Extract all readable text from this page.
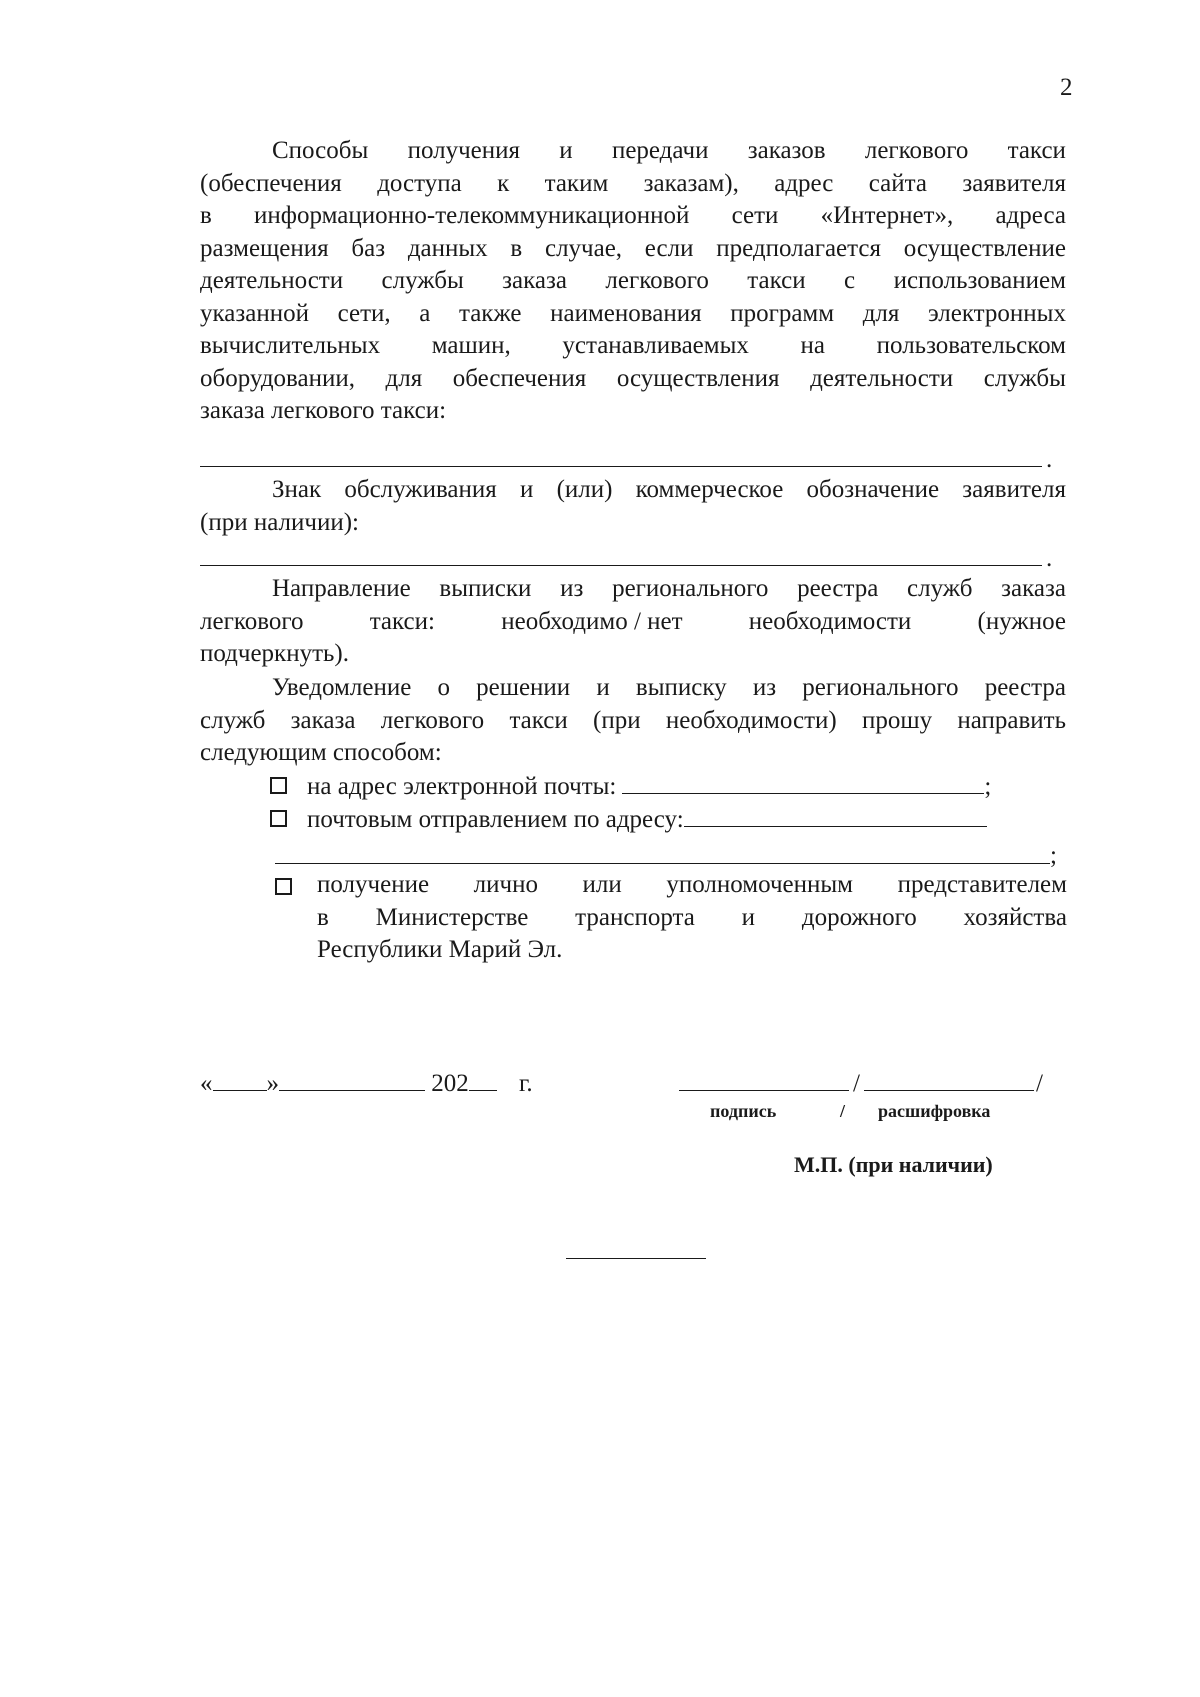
2
Способы получения и передачи заказов легкового такси
(обеспечения доступа к таким заказам), адрес сайта заявителя
в информационно-телекоммуникационной сети «Интернет», адреса
размещения баз данных в случае, если предполагается осуществление
деятельности службы заказа легкового такси с использованием
указанной сети, а также наименования программ для электронных
вычислительных машин, устанавливаемых на пользовательском
оборудовании, для обеспечения осуществления деятельности службы
заказа легкового такси:
.
Знак обслуживания и (или) коммерческое обозначение заявителя
(при наличии):
.
Направление выписки из регионального реестра служб заказа
легкового	такси:	необходимо / нет	необходимости	(нужное
подчеркнуть).
Уведомление о решении и выписку из регионального реестра
служб заказа легкового такси (при необходимости) прошу направить
следующим способом:
на адрес электронной почты:	;
почтовым отправлением по адресу:
;
получение лично или уполномоченным представителем
в Министерстве транспорта и дорожного хозяйства
Республики Марий Эл.
« »	202 г.	/	/
подпись	/ расшифровка
М.П. (при наличии)
